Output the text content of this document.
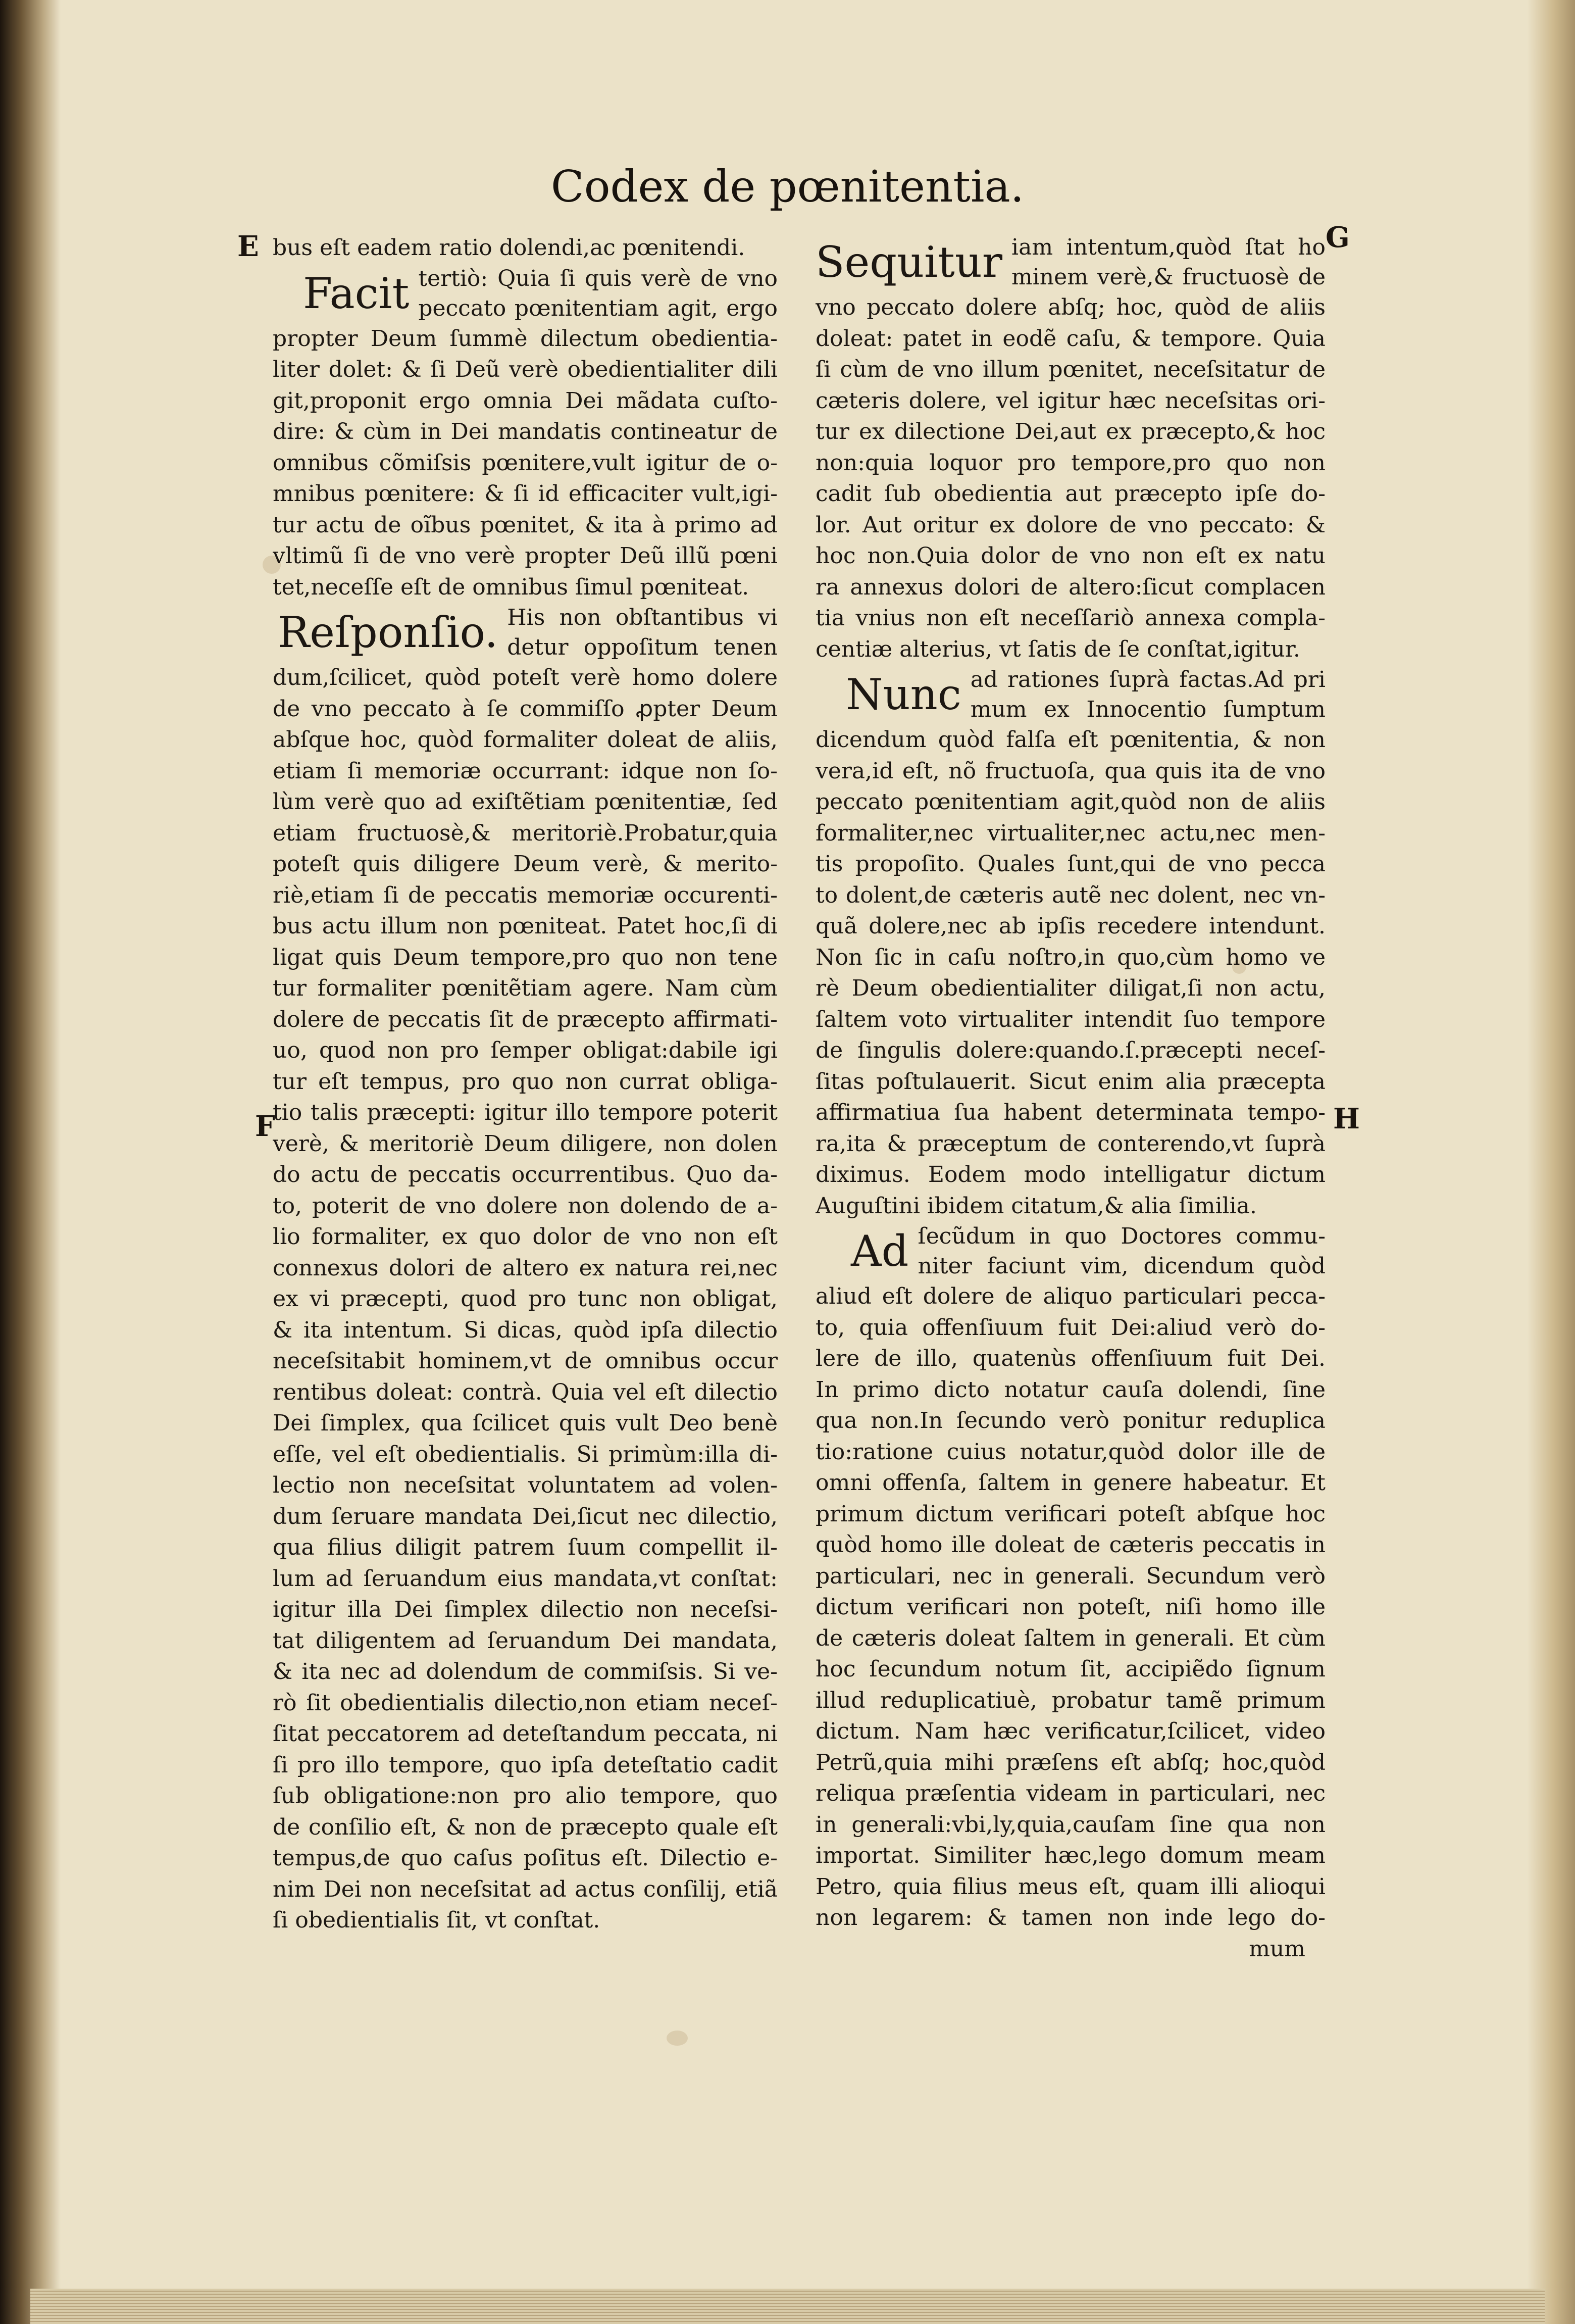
Codex de pœnitentia.
E
F
G
H
bus eſt eadem ratio dolendi,ac pœnitendi.
Facit tertiò: Quia ſi quis verè de vno
peccato pœnitentiam agit, ergo
propter Deum ſummè dilectum obedientia-
liter dolet: & ſi Deũ verè obedientialiter dili
git,proponit ergo omnia Dei mãdata cuſto-
dire: & cùm in Dei mandatis contineatur de
omnibus cõmiſsis pœnitere,vult igitur de o-
mnibus pœnitere: & ſi id efficaciter vult,igi-
tur actu de oĩbus pœnitet, & ita à primo ad
vltimũ ſi de vno verè propter Deũ illũ pœni
tet,neceſſe eſt de omnibus ſimul pœniteat.
Reſponſio. His non obſtantibus vi
detur oppoſitum tenen
dum,ſcilicet, quòd poteſt verè homo dolere
de vno peccato à ſe commiſſo ꝓpter Deum
abſque hoc, quòd formaliter doleat de aliis,
etiam ſi memoriæ occurrant: idque non ſo-
lùm verè quo ad exiſtẽtiam pœnitentiæ, ſed
etiam fructuosè,& meritoriè.Probatur,quia
poteſt quis diligere Deum verè, & merito-
riè,etiam ſi de peccatis memoriæ occurenti-
bus actu illum non pœniteat. Patet hoc,ſi di
ligat quis Deum tempore,pro quo non tene
tur formaliter pœnitẽtiam agere. Nam cùm
dolere de peccatis ſit de præcepto affirmati-
uo, quod non pro ſemper obligat:dabile igi
tur eſt tempus, pro quo non currat obliga-
tio talis præcepti: igitur illo tempore poterit
verè, & meritoriè Deum diligere, non dolen
do actu de peccatis occurrentibus. Quo da-
to, poterit de vno dolere non dolendo de a-
lio formaliter, ex quo dolor de vno non eſt
connexus dolori de altero ex natura rei,nec
ex vi præcepti, quod pro tunc non obligat,
& ita intentum. Si dicas, quòd ipſa dilectio
neceſsitabit hominem,vt de omnibus occur
rentibus doleat: contrà. Quia vel eſt dilectio
Dei ſimplex, qua ſcilicet quis vult Deo benè
eſſe, vel eſt obedientialis. Si primùm:illa di-
lectio non neceſsitat voluntatem ad volen-
dum ſeruare mandata Dei,ſicut nec dilectio,
qua filius diligit patrem ſuum compellit il-
lum ad ſeruandum eius mandata,vt conſtat:
igitur illa Dei ſimplex dilectio non neceſsi-
tat diligentem ad ſeruandum Dei mandata,
& ita nec ad dolendum de commiſsis. Si ve-
rò ſit obedientialis dilectio,non etiam neceſ-
ſitat peccatorem ad deteſtandum peccata, ni
ſi pro illo tempore, quo ipſa deteſtatio cadit
ſub obligatione:non pro alio tempore, quo
de conſilio eſt, & non de præcepto quale eſt
tempus,de quo caſus poſitus eſt. Dilectio e-
nim Dei non neceſsitat ad actus conſilij, etiã
ſi obedientialis ſit, vt conſtat.
Sequitur iam intentum,quòd ſtat ho
minem verè,& fructuosè de
vno peccato dolere abſq; hoc, quòd de aliis
doleat: patet in eodẽ caſu, & tempore. Quia
ſi cùm de vno illum pœnitet, neceſsitatur de
cæteris dolere, vel igitur hæc neceſsitas ori-
tur ex dilectione Dei,aut ex præcepto,& hoc
non:quia loquor pro tempore,pro quo non
cadit ſub obedientia aut præcepto ipſe do-
lor. Aut oritur ex dolore de vno peccato: &
hoc non.Quia dolor de vno non eſt ex natu
ra annexus dolori de altero:ſicut complacen
tia vnius non eſt neceſſariò annexa compla-
centiæ alterius, vt ſatis de ſe conſtat,igitur.
Nunc ad rationes ſuprà factas.Ad pri
mum ex Innocentio ſumptum
dicendum quòd falſa eſt pœnitentia, & non
vera,id eſt, nõ fructuoſa, qua quis ita de vno
peccato pœnitentiam agit,quòd non de aliis
formaliter,nec virtualiter,nec actu,nec men-
tis propoſito. Quales ſunt,qui de vno pecca
to dolent,de cæteris autẽ nec dolent, nec vn-
quã dolere,nec ab ipſis recedere intendunt.
Non ſic in caſu noſtro,in quo,cùm homo ve
rè Deum obedientialiter diligat,ſi non actu,
ſaltem voto virtualiter intendit ſuo tempore
de ſingulis dolere:quando.ſ.præcepti neceſ-
ſitas poſtulauerit. Sicut enim alia præcepta
affirmatiua ſua habent determinata tempo-
ra,ita & præceptum de conterendo,vt ſuprà
diximus. Eodem modo intelligatur dictum
Auguſtini ibidem citatum,& alia ſimilia.
Ad ſecũdum in quo Doctores commu-
niter faciunt vim, dicendum quòd
aliud eſt dolere de aliquo particulari pecca-
to, quia offenſiuum fuit Dei:aliud verò do-
lere de illo, quatenùs offenſiuum fuit Dei.
In primo dicto notatur cauſa dolendi, ſine
qua non.In ſecundo verò ponitur reduplica
tio:ratione cuius notatur,quòd dolor ille de
omni offenſa, ſaltem in genere habeatur. Et
primum dictum verificari poteſt abſque hoc
quòd homo ille doleat de cæteris peccatis in
particulari, nec in generali. Secundum verò
dictum verificari non poteſt, niſi homo ille
de cæteris doleat ſaltem in generali. Et cùm
hoc ſecundum notum ſit, accipiẽdo ſignum
illud reduplicatiuè, probatur tamẽ primum
dictum. Nam hæc verificatur,ſcilicet, video
Petrũ,quia mihi præſens eſt abſq; hoc,quòd
reliqua præſentia videam in particulari, nec
in generali:vbi,ly,quia,cauſam ſine qua non
importat. Similiter hæc,lego domum meam
Petro, quia filius meus eſt, quam illi alioqui
non legarem: & tamen non inde lego do-
mum
